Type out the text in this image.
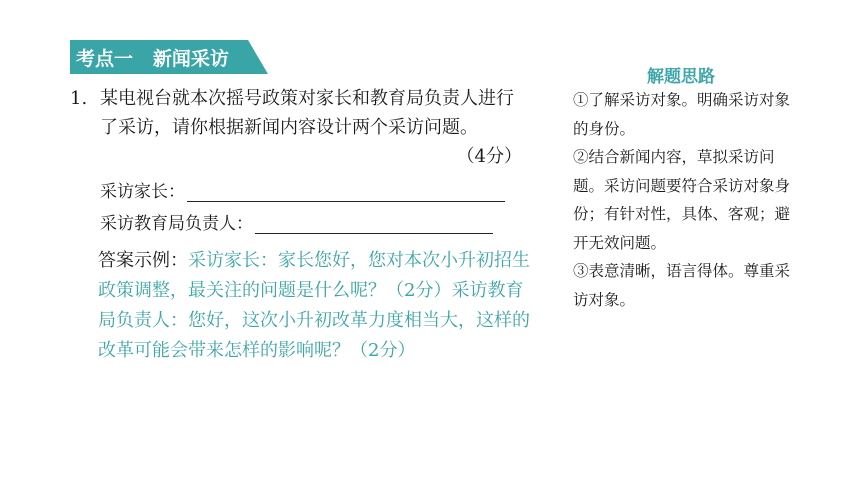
考点一   新闻采访
1. 某电视台就本次摇号政策对家长和教育局负责人进行了采访，请你根据新闻内容设计两个采访问题。
（4分）
采访家长：
采访教育局负责人：
答案示例：采访家长：家长您好，您对本次小升初招生政策调整，最关注的问题是什么呢？（2分）采访教育局负责人：您好，这次小升初改革力度相当大，这样的改革可能会带来怎样的影响呢？（2分）
解题思路

①了解采访对象。明确采访对象的身份。

②结合新闻内容，草拟采访问题。采访问题要符合采访对象身份；有针对性，具体、客观；避开无效问题。

③表意清晰，语言得体。尊重采访对象。
